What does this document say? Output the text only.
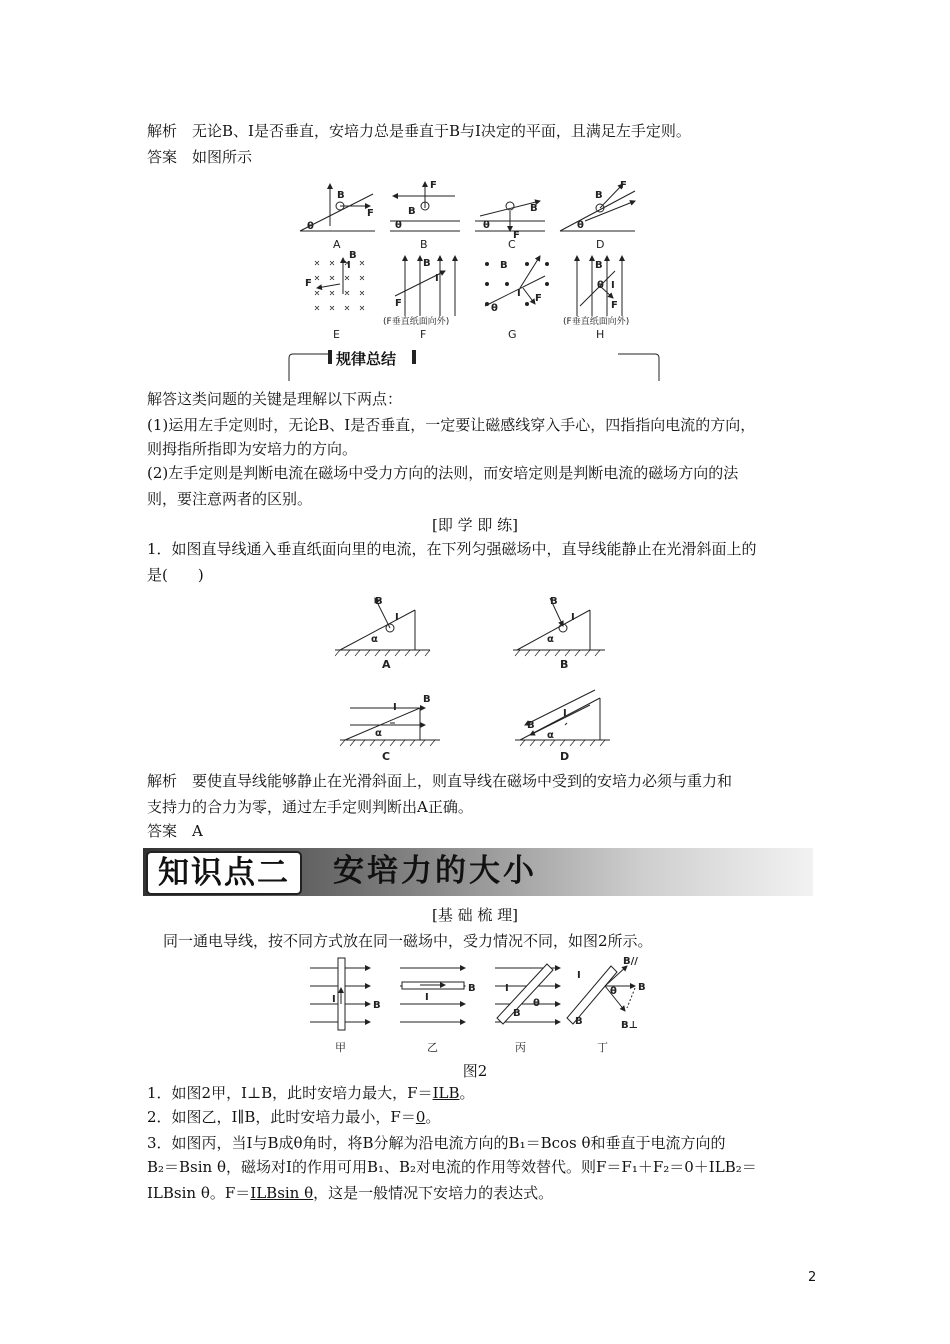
解析　 无论B、I是否垂直，安培力总是垂直于B与I决定的平面，且满足左手定则。
答案　 如图所示
B
F
θ
B
F
θ
B
F
θ
B
F
θ
F
I
B
F
B
I
B
θ
F
I
B
θ I
F
A	B	C	D
E	F	G	H
(F垂直纸面向外)	(F垂直纸面向外)
规律总结
解答这类问题的关键是理解以下两点：
(1)运用左手定则时，无论B、I是否垂直，一定要让磁感线穿入手心，四指指向电流的方向，
则拇指所指即为安培力的方向。
(2)左手定则是判断电流在磁场中受力方向的法则，而安培定则是判断电流的磁场方向的法
则，要注意两者的区别。
[即 学 即 练]
1．如图直导线通入垂直纸面向里的电流，在下列匀强磁场中，直导线能静止在光滑斜面上的
是(　　)
B
I
α
B
I
α
B
I
α
B
I
α
A	B
C	D
解析　 要使直导线能够静止在光滑斜面上，则直导线在磁场中受到的安培力必须与重力和
支持力的合力为零，通过左手定则判断出A正确。
答案　 A
知识点二	安培力的大小
[基 础 梳 理]
同一通电导线，按不同方式放在同一磁场中，受力情况不同，如图2所示。
I
B
I
B	I
B
θ
I
B//
B
θ
B	B⊥
甲	乙	丙	丁
图2
1．如图2甲，I⊥B，此时安培力最大，F＝ILB。
2．如图乙，I∥B，此时安培力最小，F＝0。
3．如图丙，当I与B成θ角时，将B分解为沿电流方向的B₁＝Bcos θ和垂直于电流方向的
B₂＝Bsin θ，磁场对I的作用可用B₁、B₂对电流的作用等效替代。则F＝F₁＋F₂＝0＋ILB₂＝
ILBsin θ。F＝ILBsin θ，这是一般情况下安培力的表达式。
2
